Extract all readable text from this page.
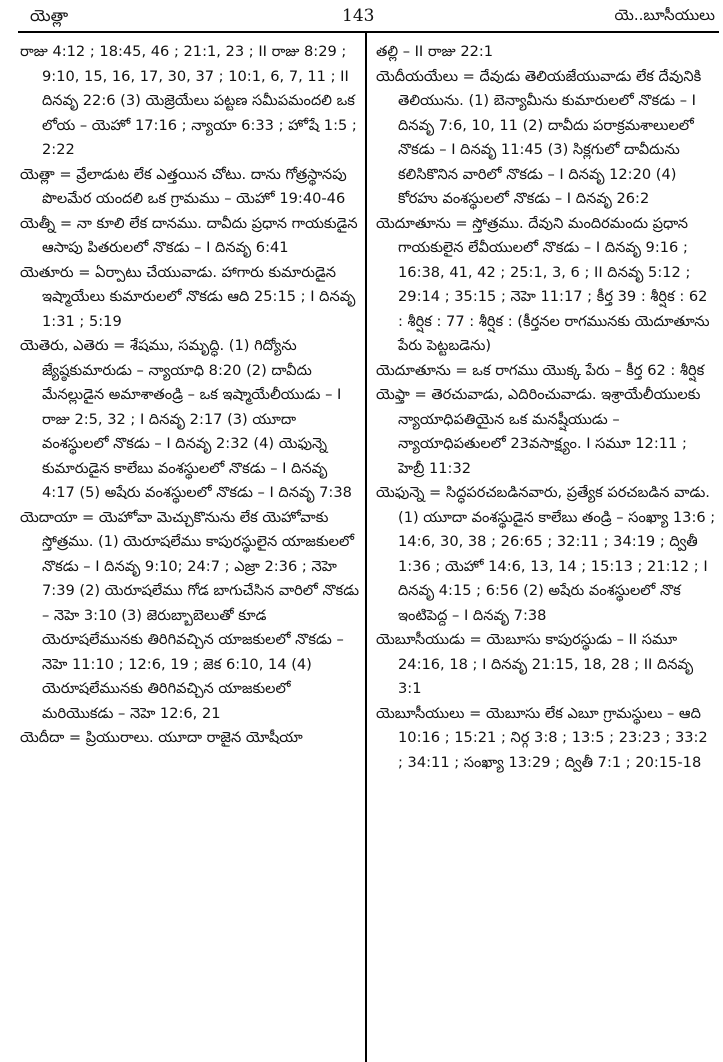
యెత్లా	143	యె..బూసీయులు

రాజు 4:12 ; 18:45, 46 ; 21:1, 23 ; II రాజు 8:29 ; 9:10, 15, 16, 17, 30, 37 ; 10:1, 6, 7, 11 ; II దినవృ 22:6 (3) యెజ్రెయేలు పట్టణ సమీపమందలి ఒక లోయ – యెహో 17:16 ; న్యాయా 6:33 ; హోషే 1:5 ; 2:22

యెత్లా = వ్రేలాడుట లేక ఎత్తయిన చోటు. దాను గోత్రస్థానపు పొలమేర యందలి ఒక గ్రామము – యెహో 19:40-46

యెత్నీ = నా కూలి లేక దానము. దావీదు ప్రధాన గాయకుడైన ఆసాపు పితరులలో నొకడు – I దినవృ 6:41

యెతూరు = ఏర్పాటు చేయువాడు. హాగారు కుమారుడైన ఇష్మాయేలు కుమారులలో నొకడు ఆది 25:15 ; I దినవృ 1:31 ; 5:19

యెతెరు, ఎతెరు = శేషము, సమృద్ధి. (1) గిద్యోను జ్యేష్ఠకుమారుడు – న్యాయాధి 8:20 (2) దావీదు మేనల్లుడైన అమాశాతండ్రి – ఒక ఇష్మాయేలీయుడు – I రాజు 2:5, 32 ; I దినవృ 2:17 (3) యూదా వంశస్థులలో నొకడు – I దినవృ 2:32 (4) యెఫున్నె కుమారుడైన కాలేబు వంశస్థులలో నొకడు – I దినవృ 4:17 (5) అషేరు వంశస్థులలో నొకడు – I దినవృ 7:38

యెదాయా = యెహోవా మెచ్చుకొనును లేక యెహోవాకు స్తోత్రము. (1) యెరూషలేము కాపురస్థులైన యాజకులలో నొకడు – I దినవృ 9:10; 24:7 ; ఎజ్రా 2:36 ; నెహె 7:39 (2) యెరూషలేము గోడ బాగుచేసిన వారిలో నొకడు – నెహె 3:10 (3) జెరుబ్బాబెలుతో కూడ యెరూషలేమునకు తిరిగివచ్చిన యాజకులలో నొకడు – నెహె 11:10 ; 12:6, 19 ; జెక 6:10, 14 (4) యెరూషలేమునకు తిరిగివచ్చిన యాజకులలో మరియొకడు – నెహె 12:6, 21

యెదీదా = ప్రియురాలు. యూదా రాజైన యోషీయా

తల్లి – II రాజు 22:1

యెదీయయేలు = దేవుడు తెలియజేయువాడు లేక దేవునికి తెలియును. (1) బెన్యామీను కుమారులలో నొకడు – I దినవృ 7:6, 10, 11 (2) దావీదు పరాక్రమశాలులలో నొకడు – I దినవృ 11:45 (3) సిక్లగులో దావీదును కలిసికొనిన వారిలో నొకడు – I దినవృ 12:20 (4) కోరహు వంశస్థులలో నొకడు – I దినవృ 26:2

యెదూతూను = స్తోత్రము. దేవుని మందిరమందు ప్రధాన గాయకులైన లేవీయులలో నొకడు – I దినవృ 9:16 ; 16:38, 41, 42 ; 25:1, 3, 6 ; II దినవృ 5:12 ; 29:14 ; 35:15 ; నెహె 11:17 ; కీర్త 39 : శీర్షిక : 62 : శీర్షిక : 77 : శీర్షిక : (కీర్తనల రాగమునకు యెదూతూను పేరు పెట్టబడెను)

యెదూతూను = ఒక రాగము యొక్క పేరు – కీర్త 62 : శీర్షిక

యెఫ్తా = తెరచువాడు, ఎదిరించువాడు. ఇశ్రాయేలీయులకు న్యాయాధిపతియైన ఒక మనష్షీయుడు – న్యాయాధిపతులలో 23వసాక్ష్యం. I సమూ 12:11 ; హెబ్రీ 11:32

యెఫున్నె = సిద్ధపరచబడినవారు, ప్రత్యేక పరచబడిన వాడు. (1) యూదా వంశస్థుడైన కాలేబు తండ్రి – సంఖ్యా 13:6 ; 14:6, 30, 38 ; 26:65 ; 32:11 ; 34:19 ; ద్వితీ 1:36 ; యెహో 14:6, 13, 14 ; 15:13 ; 21:12 ; I దినవృ 4:15 ; 6:56 (2) అషేరు వంశస్థులలో నొక ఇంటిపెద్ద – I దినవృ 7:38

యెబూసీయుడు = యెబూసు కాపురస్థుడు – II సమూ 24:16, 18 ; I దినవృ 21:15, 18, 28 ; II దినవృ 3:1

యెబూసీయులు = యెబూసు లేక ఎబూ గ్రామస్థులు – ఆది 10:16 ; 15:21 ; నిర్గ 3:8 ; 13:5 ; 23:23 ; 33:2 ; 34:11 ; సంఖ్యా 13:29 ; ద్వితీ 7:1 ; 20:15-18
